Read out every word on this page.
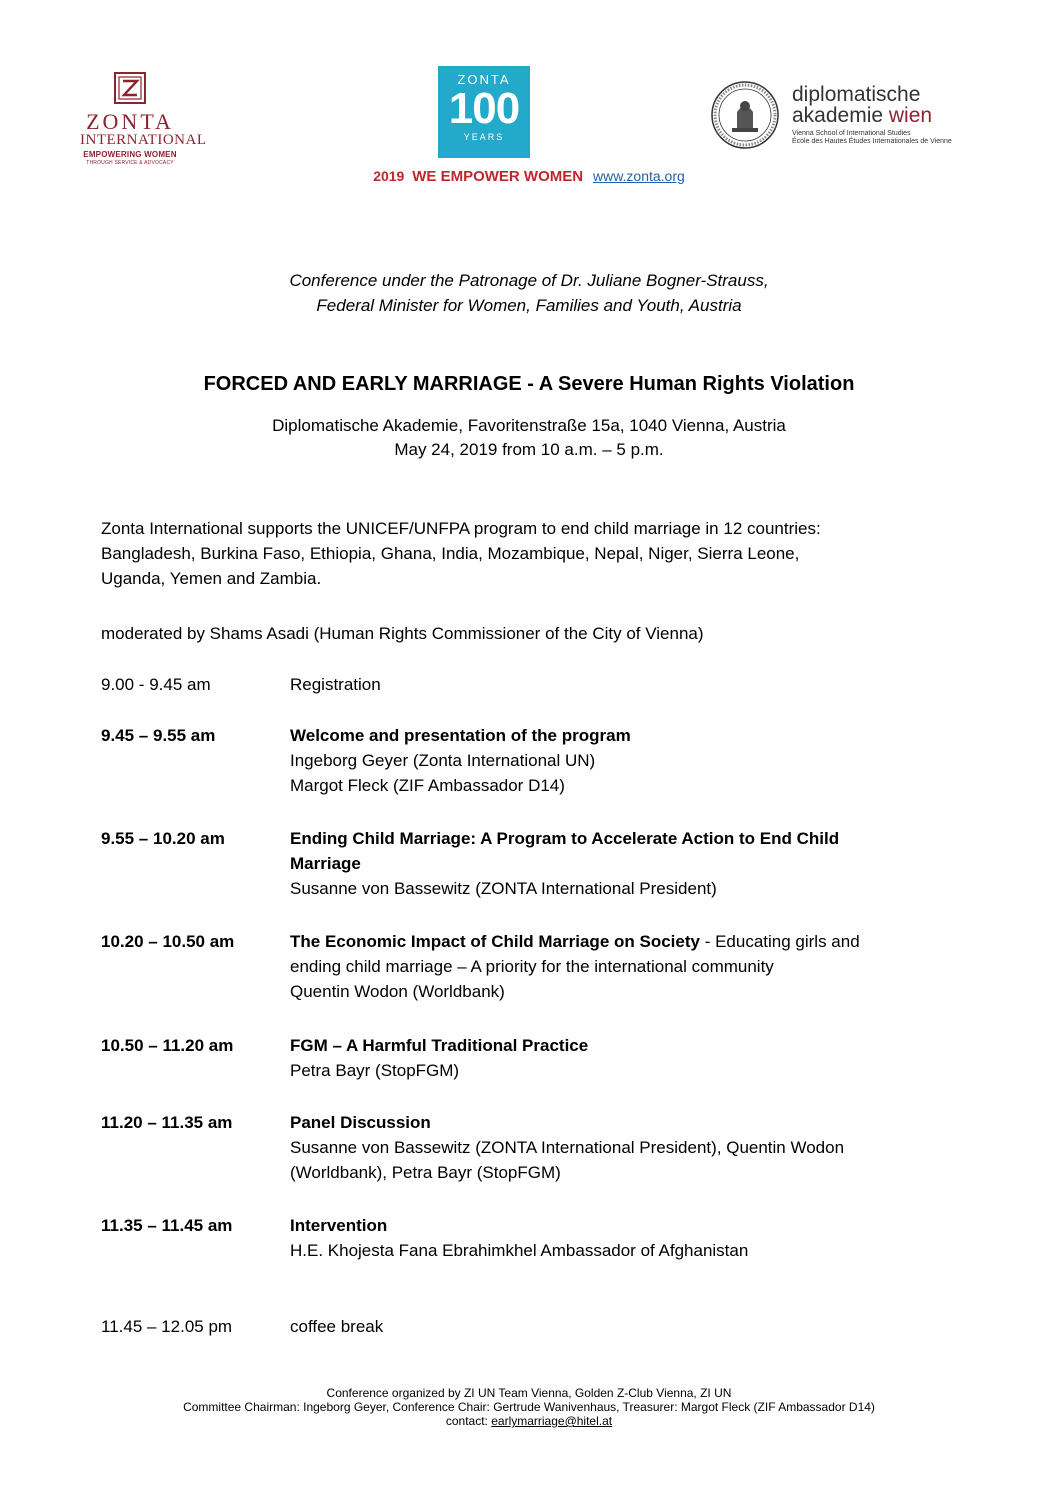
ZONTA
INTERNATIONAL
EMPOWERING WOMEN
THROUGH SERVICE & ADVOCACY
ZONTA
100
YEARS
diplomatische
akademie wien
Vienna School of International Studies
École des Hautes Études Internationales de Vienne
2019 WE EMPOWER WOMEN www.zonta.org
Conference under the Patronage of Dr. Juliane Bogner-Strauss,
Federal Minister for Women, Families and Youth, Austria
FORCED AND EARLY MARRIAGE - A Severe Human Rights Violation
Diplomatische Akademie, Favoritenstraße 15a, 1040 Vienna, Austria
May 24, 2019 from 10 a.m. – 5 p.m.
Zonta International supports the UNICEF/UNFPA program to end child marriage in 12 countries:
Bangladesh, Burkina Faso, Ethiopia, Ghana, India, Mozambique, Nepal, Niger, Sierra Leone,
Uganda, Yemen and Zambia.
moderated by Shams Asadi (Human Rights Commissioner of the City of Vienna)
9.00 - 9.45 am	Registration
9.45 – 9.55 am	Welcome and presentation of the program
Ingeborg Geyer (Zonta International UN)
Margot Fleck (ZIF Ambassador D14)
9.55 – 10.20 am	Ending Child Marriage: A Program to Accelerate Action to End Child
Marriage
Susanne von Bassewitz (ZONTA International President)
10.20 – 10.50 am	The Economic Impact of Child Marriage on Society - Educating girls and
ending child marriage – A priority for the international community
Quentin Wodon (Worldbank)
10.50 – 11.20 am	FGM – A Harmful Traditional Practice
Petra Bayr (StopFGM)
11.20 – 11.35 am	Panel Discussion
Susanne von Bassewitz (ZONTA International President), Quentin Wodon
(Worldbank), Petra Bayr (StopFGM)
11.35 – 11.45 am	Intervention
H.E. Khojesta Fana Ebrahimkhel Ambassador of Afghanistan
11.45 – 12.05 pm	coffee break
Conference organized by ZI UN Team Vienna, Golden Z-Club Vienna, ZI UN
Committee Chairman: Ingeborg Geyer, Conference Chair: Gertrude Wanivenhaus, Treasurer: Margot Fleck (ZIF Ambassador D14)
contact: earlymarriage@hitel.at
